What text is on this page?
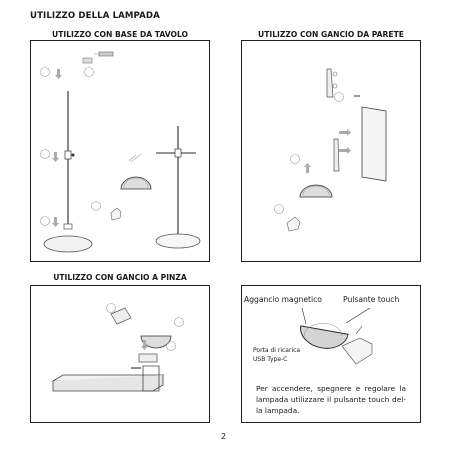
UTILIZZO DELLA LAMPADA
UTILIZZO CON BASE DA TAVOLO	UTILIZZO CON GANCIO DA PARETE
UTILIZZO CON GANCIO A PINZA
Aggancio magnetico	Pulsante touch
Porta di ricarica
USB Type-C
Per accendere, spegnere e regolare la lampada utilizzare il pulsante touch del-la lampada.
2
